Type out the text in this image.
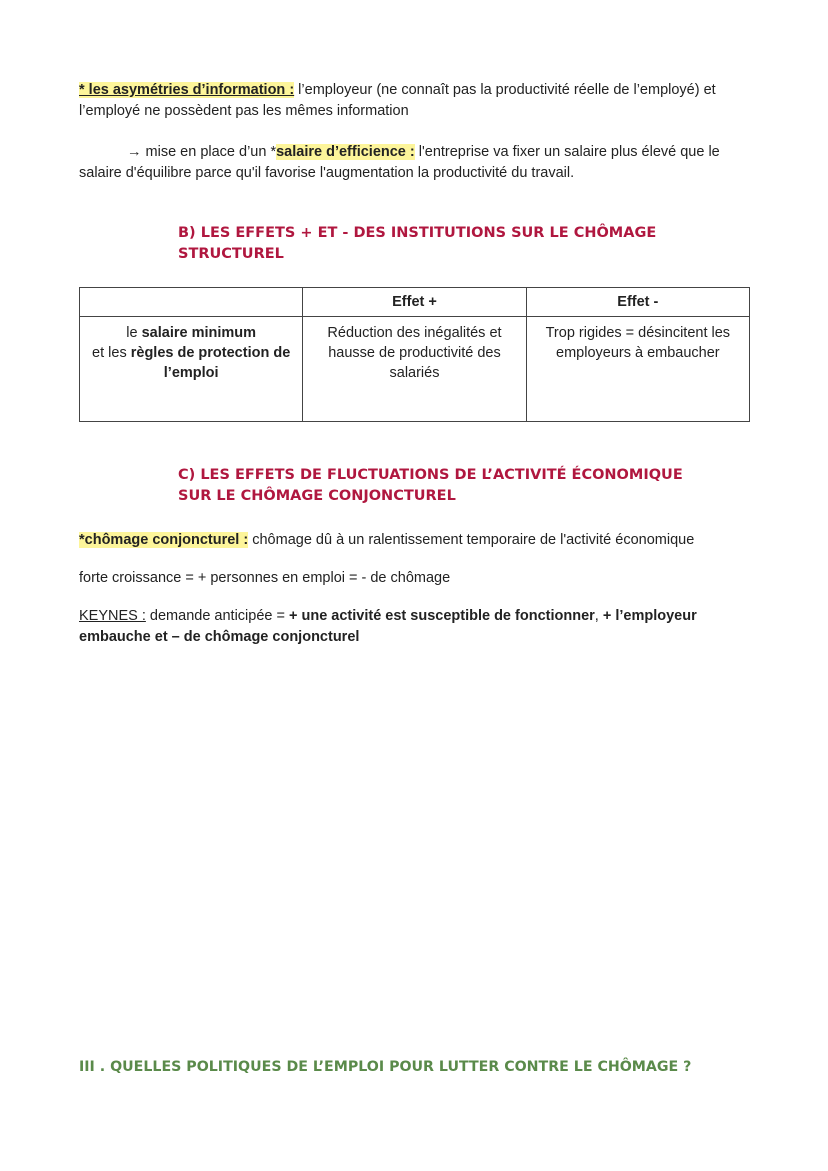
* les asymétries d’information : l’employeur (ne connaît pas la productivité réelle de l’employé) et l’employé ne possèdent pas les mêmes information

→ mise en place d’un *salaire d’efficience : l'entreprise va fixer un salaire plus élevé que le salaire d'équilibre parce qu'il favorise l'augmentation la productivité du travail.

B) LES EFFETS + ET - DES INSTITUTIONS SUR LE CHÔMAGE
STRUCTUREL
	Effet +	Effet -
le salaire minimum
et les règles de protection de l’emploi	Réduction des inégalités et hausse de productivité des salariés	Trop rigides = désincitent les employeurs à embaucher
C) LES EFFETS DE FLUCTUATIONS DE L’ACTIVITÉ ÉCONOMIQUE
SUR LE CHÔMAGE CONJONCTUREL

*chômage conjoncturel : chômage dû à un ralentissement temporaire de l'activité économique

forte croissance = + personnes en emploi = - de chômage

KEYNES : demande anticipée = + une activité est susceptible de fonctionner, + l’employeur embauche et – de chômage conjoncturel

III . QUELLES POLITIQUES DE L’EMPLOI POUR LUTTER CONTRE LE CHÔMAGE ?
